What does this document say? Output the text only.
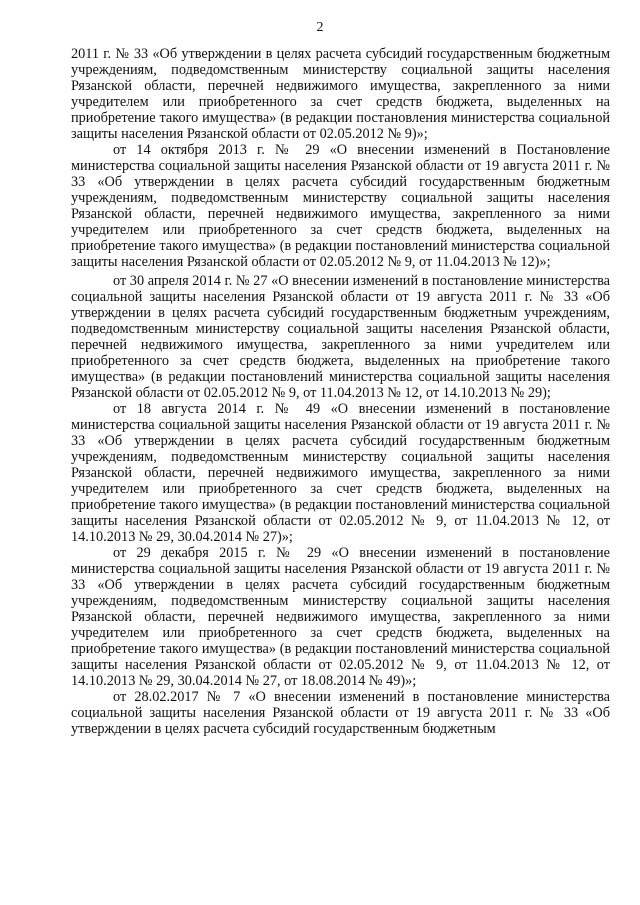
2

2011 г. № 33 «Об утверждении в целях расчета субсидий государственным бюджетным учреждениям, подведомственным министерству социальной защиты населения Рязанской области, перечней недвижимого имущества, закрепленного за ними учредителем или приобретенного за счет средств бюджета, выделенных на приобретение такого имущества» (в редакции постановления министерства социальной защиты населения Рязанской области от 02.05.2012 № 9)»;

от 14 октября 2013 г. № 29 «О внесении изменений в Постановление министерства социальной защиты населения Рязанской области от 19 августа 2011 г. № 33 «Об утверждении в целях расчета субсидий государственным бюджетным учреждениям, подведомственным министерству социальной защиты населения Рязанской области, перечней недвижимого имущества, закрепленного за ними учредителем или приобретенного за счет средств бюджета, выделенных на приобретение такого имущества» (в редакции постановлений министерства социальной защиты населения Рязанской области от 02.05.2012 № 9, от 11.04.2013 № 12)»;

от 30 апреля 2014 г. № 27 «О внесении изменений в постановление министерства социальной защиты населения Рязанской области от 19 августа 2011 г. № 33 «Об утверждении в целях расчета субсидий государственным бюджетным учреждениям, подведомственным министерству социальной защиты населения Рязанской области, перечней недвижимого имущества, закрепленного за ними учредителем или приобретенного за счет средств бюджета, выделенных на приобретение такого имущества» (в редакции постановлений министерства социальной защиты населения Рязанской области от 02.05.2012 № 9, от 11.04.2013 № 12, от 14.10.2013 № 29);

от 18 августа 2014 г. № 49 «О внесении изменений в постановление министерства социальной защиты населения Рязанской области от 19 августа 2011 г. № 33 «Об утверждении в целях расчета субсидий государственным бюджетным учреждениям, подведомственным министерству социальной защиты населения Рязанской области, перечней недвижимого имущества, закрепленного за ними учредителем или приобретенного за счет средств бюджета, выделенных на приобретение такого имущества» (в редакции постановлений министерства социальной защиты населения Рязанской области от 02.05.2012 № 9, от 11.04.2013 № 12, от 14.10.2013 № 29, 30.04.2014 № 27)»;

от 29 декабря 2015 г. № 29 «О внесении изменений в постановление министерства социальной защиты населения Рязанской области от 19 августа 2011 г. № 33 «Об утверждении в целях расчета субсидий государственным бюджетным учреждениям, подведомственным министерству социальной защиты населения Рязанской области, перечней недвижимого имущества, закрепленного за ними учредителем или приобретенного за счет средств бюджета, выделенных на приобретение такого имущества» (в редакции постановлений министерства социальной защиты населения Рязанской области от 02.05.2012 № 9, от 11.04.2013 № 12, от 14.10.2013 № 29, 30.04.2014 № 27, от 18.08.2014 № 49)»;

от 28.02.2017 № 7 «О внесении изменений в постановление министерства социальной защиты населения Рязанской области от 19 августа 2011 г. № 33 «Об утверждении в целях расчета субсидий государственным бюджетным
